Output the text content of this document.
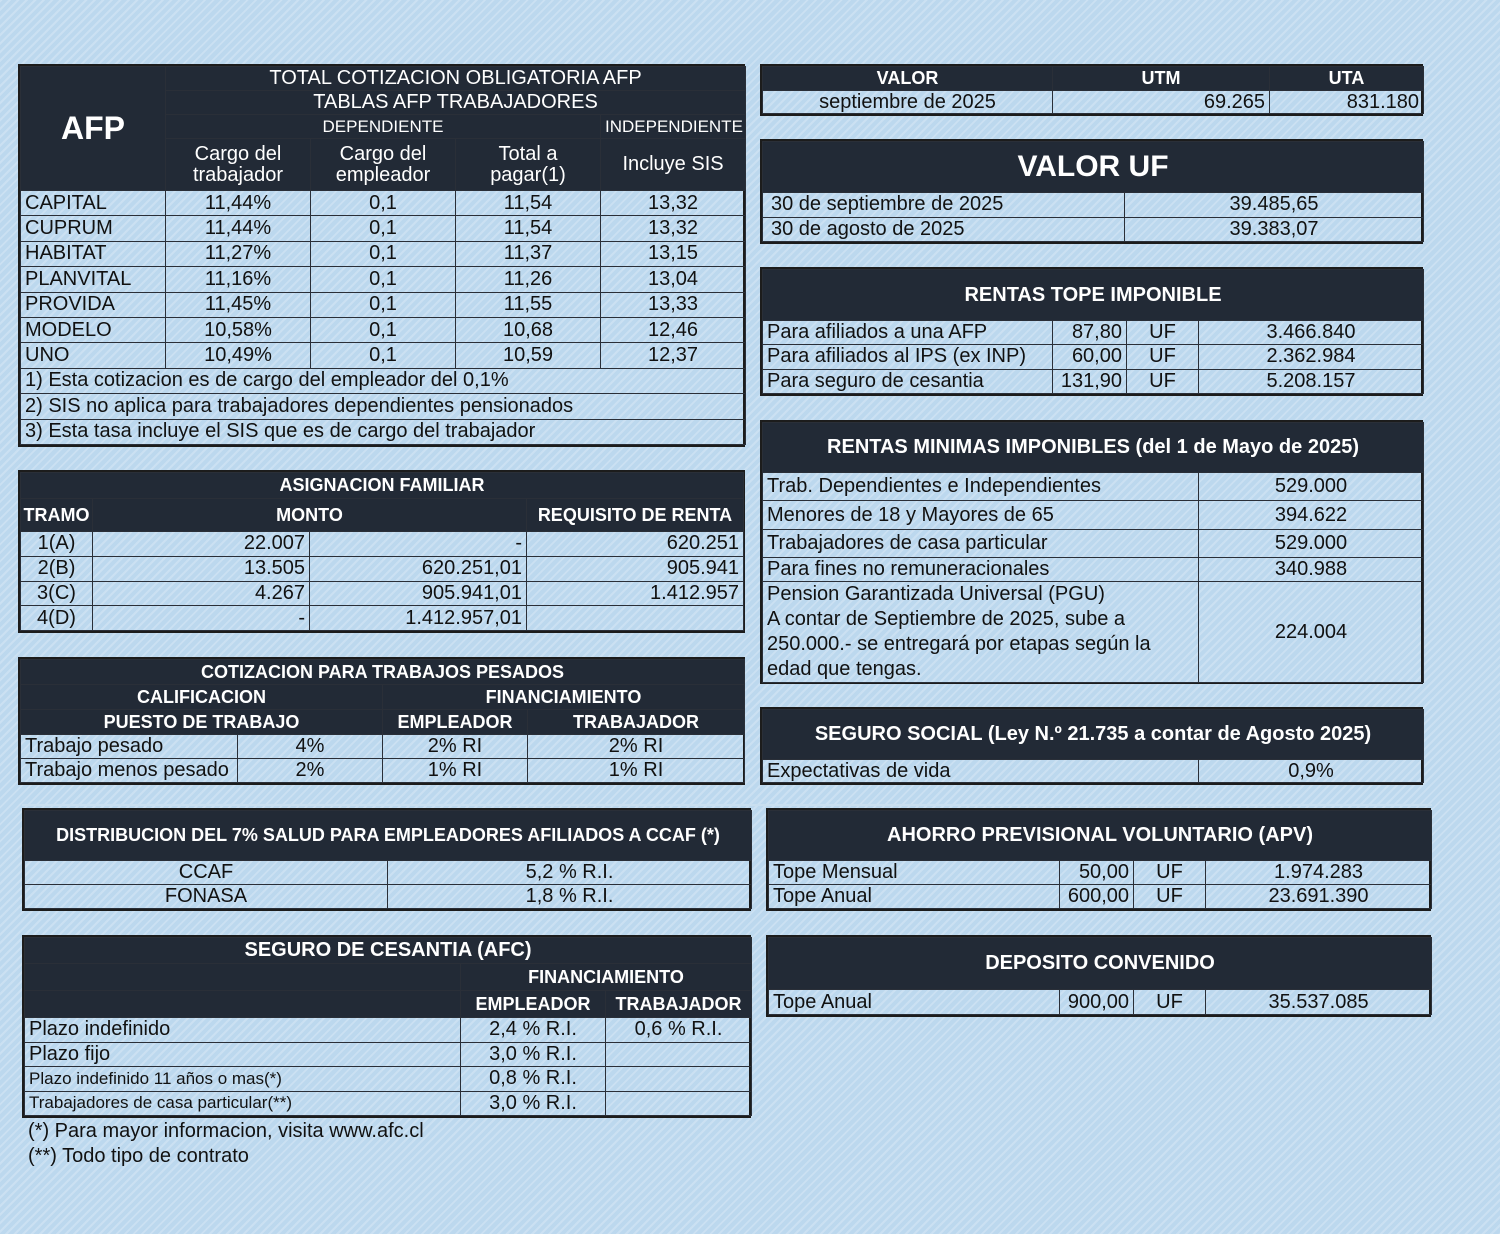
AFP	TOTAL COTIZACION OBLIGATORIA AFP			
	TABLAS AFP TRABAJADORES			
	DEPENDIENTE			INDEPENDIENTE
	Cargo del trabajador	Cargo del empleador	Total a pagar(1)	Incluye SIS
CAPITAL	11,44%	0,1	11,54	13,32
CUPRUM	11,44%	0,1	11,54	13,32
HABITAT	11,27%	0,1	11,37	13,15
PLANVITAL	11,16%	0,1	11,26	13,04
PROVIDA	11,45%	0,1	11,55	13,33
MODELO	10,58%	0,1	10,68	12,46
UNO	10,49%	0,1	10,59	12,37
1) Esta cotizacion es de cargo del empleador del 0,1%				
2) SIS no aplica para trabajadores dependientes pensionados				
3) Esta tasa incluye el SIS que es de cargo del trabajador				
VALOR	UTM	UTA
septiembre de 2025	69.265	831.180
VALOR UF	
30 de septiembre de 2025	39.485,65
30 de agosto de 2025	39.383,07
RENTAS TOPE IMPONIBLE			
Para afiliados a una AFP	87,80	UF	3.466.840
Para afiliados al IPS (ex INP)	60,00	UF	2.362.984
Para seguro de cesantia	131,90	UF	5.208.157
RENTAS MINIMAS IMPONIBLES (del 1 de Mayo de 2025)	
Trab. Dependientes e Independientes	529.000
Menores de 18 y Mayores de 65	394.622
Trabajadores de casa particular	529.000
Para fines no remuneracionales	340.988

Pension Garantizada Universal (PGU)
A contar de Septiembre de 2025, sube a
250.000.- se entregará por etapas según la
edad que tengas.	224.004
ASIGNACION FAMILIAR			
TRAMO	MONTO		REQUISITO DE RENTA
1(A)	22.007	-	620.251
2(B)	13.505	620.251,01	905.941
3(C)	4.267	905.941,01	1.412.957
4(D)	-	1.412.957,01	
COTIZACION PARA TRABAJOS PESADOS			
CALIFICACION		FINANCIAMIENTO	
PUESTO DE TRABAJO		EMPLEADOR	TRABAJADOR
Trabajo pesado	4%	2% RI	2% RI
Trabajo menos pesado	2%	1% RI	1% RI
SEGURO SOCIAL (Ley N.º 21.735 a contar de Agosto 2025)
Expectativas de vida	0,9%
DISTRIBUCION DEL 7% SALUD PARA EMPLEADORES AFILIADOS A CCAF (*)	
CCAF	5,2 % R.I.
FONASA	1,8 % R.I.
AHORRO PREVISIONAL VOLUNTARIO (APV)			
Tope Mensual	50,00	UF	1.974.283
Tope Anual	600,00	UF	23.691.390
SEGURO DE CESANTIA (AFC)		
	FINANCIAMIENTO	
	EMPLEADOR	TRABAJADOR
Plazo indefinido	2,4 % R.I.	0,6 % R.I.
Plazo fijo	3,0 % R.I.	
Plazo indefinido 11 años o mas(*)	0,8 % R.I.	
Trabajadores de casa particular(**)	3,0 % R.I.	
(*) Para mayor informacion, visita www.afc.cl
(**) Todo tipo de contrato
DEPOSITO CONVENIDO
Tope Anual	900,00	UF	35.537.085
